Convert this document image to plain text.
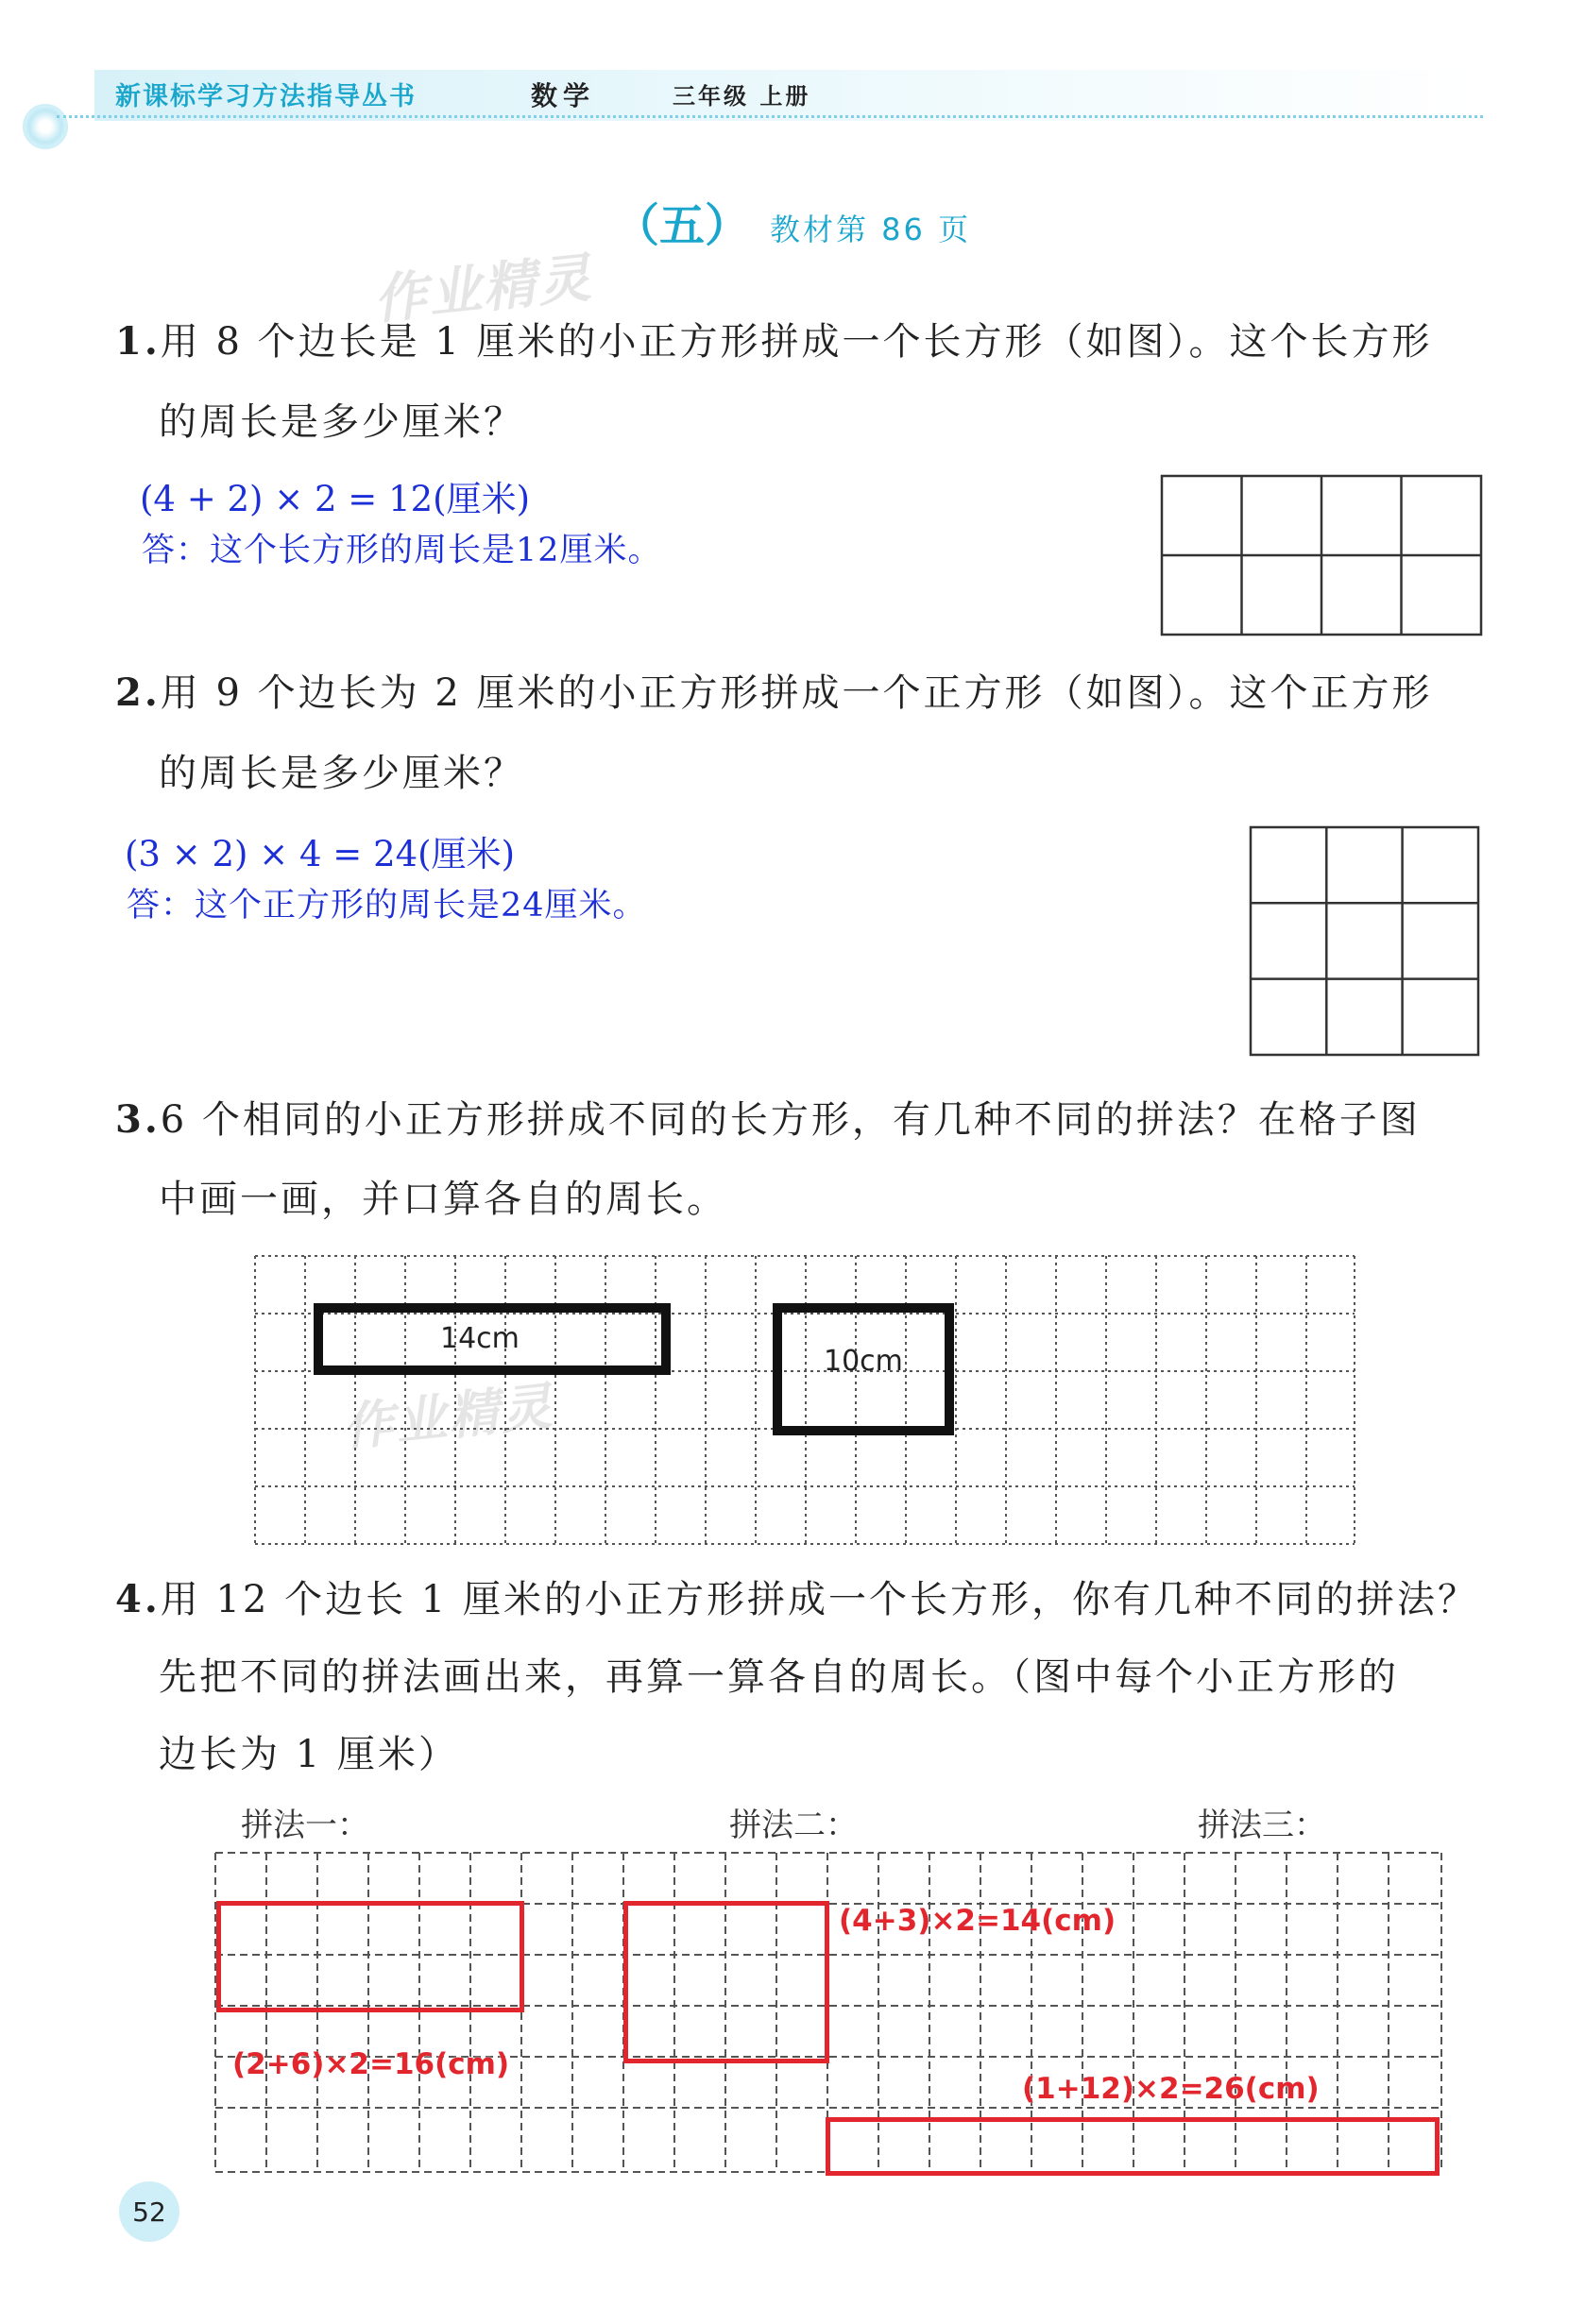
新课标学习方法指导丛书	数学	三年级 上册
（五） 教材第 86 页
作业精灵
作业精灵
1.用 8 个边长是 1 厘米的小正方形拼成一个长方形（如图）。这个长方形
的周长是多少厘米？
(4 + 2) × 2 = 12(厘米)
答：这个长方形的周长是12厘米。
2.用 9 个边长为 2 厘米的小正方形拼成一个正方形（如图）。这个正方形
的周长是多少厘米？
(3 × 2) × 4 = 24(厘米)
答：这个正方形的周长是24厘米。
3.6 个相同的小正方形拼成不同的长方形，有几种不同的拼法？在格子图
中画一画，并口算各自的周长。
14cm
10cm
4.用 12 个边长 1 厘米的小正方形拼成一个长方形，你有几种不同的拼法？
先把不同的拼法画出来，再算一算各自的周长。（图中每个小正方形的
边长为 1 厘米）
拼法一：	拼法二：	拼法三：
(2+6)×2=16(cm)
(4+3)×2=14(cm)
(1+12)×2=26(cm)
52
